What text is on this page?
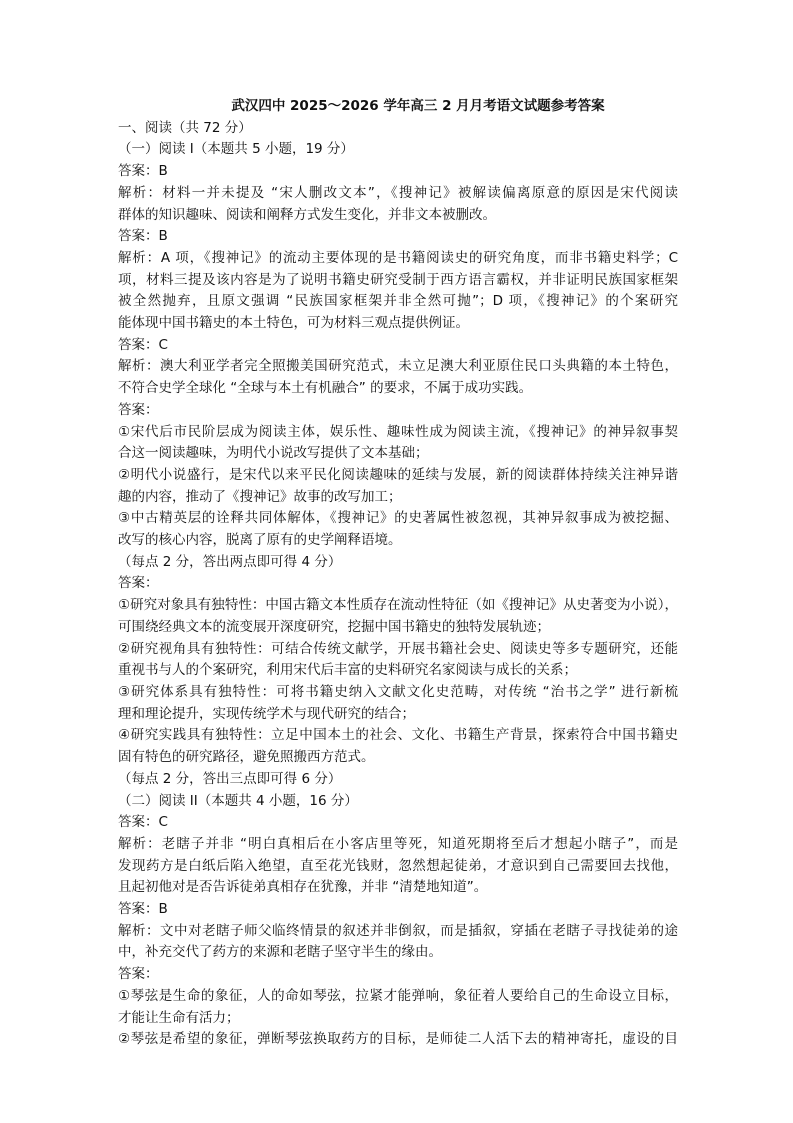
武汉四中 2025～2026 学年高三 2 月月考语文试题参考答案
一、阅读（共 72 分）
（一）阅读 I（本题共 5 小题，19 分）
答案：B
解析：材料一并未提及 “宋人删改文本”，《搜神记》被解读偏离原意的原因是宋代阅读
群体的知识趣味、阅读和阐释方式发生变化，并非文本被删改。
答案：B
解析：A 项，《搜神记》的流动主要体现的是书籍阅读史的研究角度，而非书籍史料学；C
项，材料三提及该内容是为了说明书籍史研究受制于西方语言霸权，并非证明民族国家框架
被全然抛弃，且原文强调 “民族国家框架并非全然可抛”；D 项，《搜神记》的个案研究
能体现中国书籍史的本土特色，可为材料三观点提供例证。
答案：C
解析：澳大利亚学者完全照搬美国研究范式，未立足澳大利亚原住民口头典籍的本土特色，
不符合史学全球化 “全球与本土有机融合” 的要求，不属于成功实践。
答案：
①宋代后市民阶层成为阅读主体，娱乐性、趣味性成为阅读主流，《搜神记》的神异叙事契
合这一阅读趣味，为明代小说改写提供了文本基础；
②明代小说盛行，是宋代以来平民化阅读趣味的延续与发展，新的阅读群体持续关注神异谐
趣的内容，推动了《搜神记》故事的改写加工；
③中古精英层的诠释共同体解体，《搜神记》的史著属性被忽视，其神异叙事成为被挖掘、
改写的核心内容，脱离了原有的史学阐释语境。
（每点 2 分，答出两点即可得 4 分）
答案：
①研究对象具有独特性：中国古籍文本性质存在流动性特征（如《搜神记》从史著变为小说），
可围绕经典文本的流变展开深度研究，挖掘中国书籍史的独特发展轨迹；
②研究视角具有独特性：可结合传统文献学，开展书籍社会史、阅读史等多专题研究，还能
重视书与人的个案研究，利用宋代后丰富的史料研究名家阅读与成长的关系；
③研究体系具有独特性：可将书籍史纳入文献文化史范畴，对传统 “治书之学” 进行新梳
理和理论提升，实现传统学术与现代研究的结合；
④研究实践具有独特性：立足中国本土的社会、文化、书籍生产背景，探索符合中国书籍史
固有特色的研究路径，避免照搬西方范式。
（每点 2 分，答出三点即可得 6 分）
（二）阅读 II（本题共 4 小题，16 分）
答案：C
解析：老瞎子并非 “明白真相后在小客店里等死，知道死期将至后才想起小瞎子”，而是
发现药方是白纸后陷入绝望，直至花光钱财，忽然想起徒弟，才意识到自己需要回去找他，
且起初他对是否告诉徒弟真相存在犹豫，并非 “清楚地知道”。
答案：B
解析：文中对老瞎子师父临终情景的叙述并非倒叙，而是插叙，穿插在老瞎子寻找徒弟的途
中，补充交代了药方的来源和老瞎子坚守半生的缘由。
答案：
①琴弦是生命的象征，人的命如琴弦，拉紧才能弹响，象征着人要给自己的生命设立目标，
才能让生命有活力；
②琴弦是希望的象征，弹断琴弦换取药方的目标，是师徒二人活下去的精神寄托，虚设的目
